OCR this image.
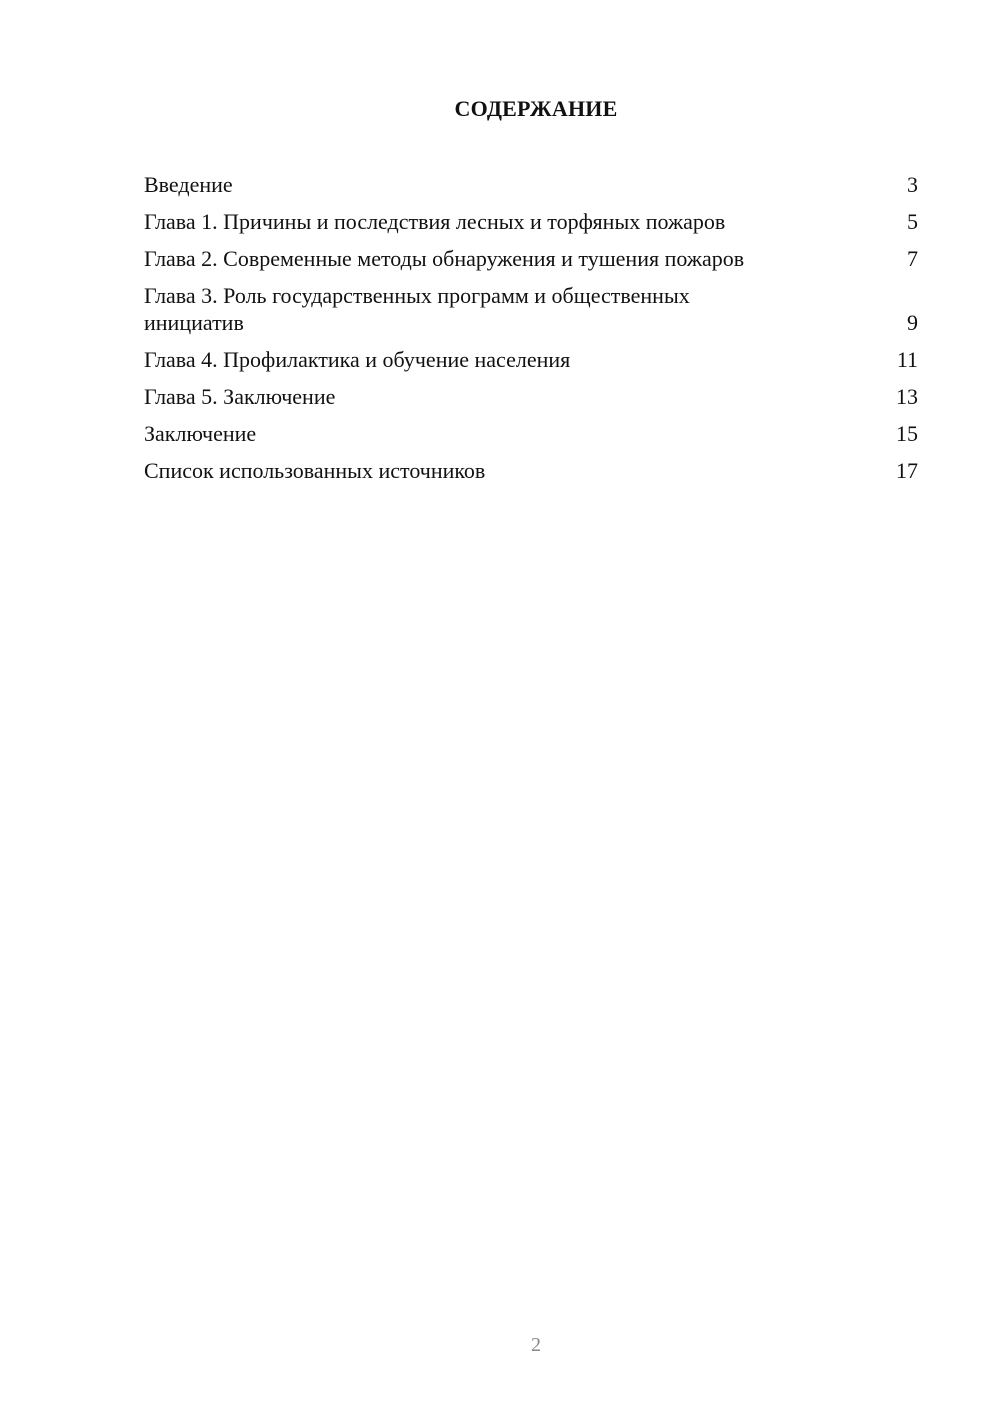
СОДЕРЖАНИЕ
Введение	3
Глава 1. Причины и последствия лесных и торфяных пожаров	5
Глава 2. Современные методы обнаружения и тушения пожаров	7
Глава 3. Роль государственных программ и общественных инициатив	9
Глава 4. Профилактика и обучение населения	11
Глава 5. Заключение	13
Заключение	15
Список использованных источников	17
2
